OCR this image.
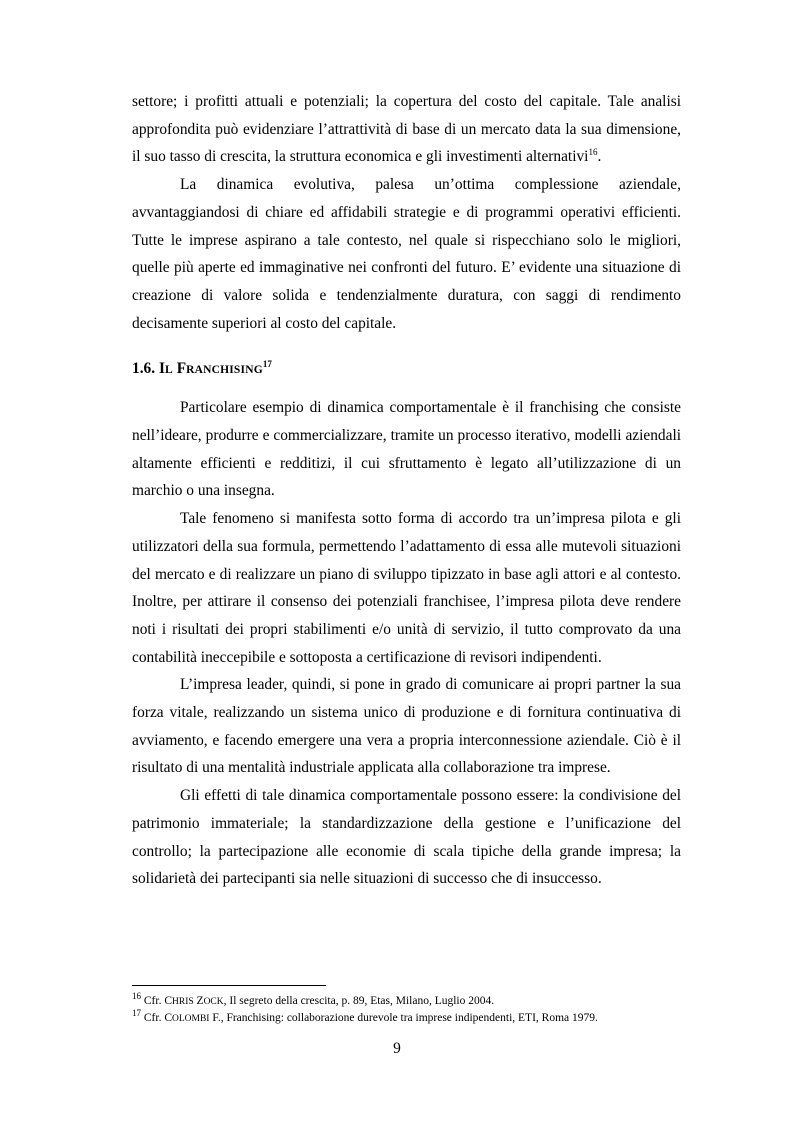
settore; i profitti attuali e potenziali; la copertura del costo del capitale. Tale analisi approfondita può evidenziare l’attrattività di base di un mercato data la sua dimensione, il suo tasso di crescita, la struttura economica e gli investimenti alternativi$^{16}$.

La dinamica evolutiva, palesa un’ottima complessione aziendale, avvantaggiandosi di chiare ed affidabili strategie e di programmi operativi efficienti. Tutte le imprese aspirano a tale contesto, nel quale si rispecchiano solo le migliori, quelle più aperte ed immaginative nei confronti del futuro. E’ evidente una situazione di creazione di valore solida e tendenzialmente duratura, con saggi di rendimento decisamente superiori al costo del capitale.

1.6. IL FRANCHISING$^{17}$

Particolare esempio di dinamica comportamentale è il franchising che consiste nell’ideare, produrre e commercializzare, tramite un processo iterativo, modelli aziendali altamente efficienti e redditizi, il cui sfruttamento è legato all’utilizzazione di un marchio o una insegna.

Tale fenomeno si manifesta sotto forma di accordo tra un’impresa pilota e gli utilizzatori della sua formula, permettendo l’adattamento di essa alle mutevoli situazioni del mercato e di realizzare un piano di sviluppo tipizzato in base agli attori e al contesto. Inoltre, per attirare il consenso dei potenziali franchisee, l’impresa pilota deve rendere noti i risultati dei propri stabilimenti e/o unità di servizio, il tutto comprovato da una contabilità ineccepibile e sottoposta a certificazione di revisori indipendenti.

L’impresa leader, quindi, si pone in grado di comunicare ai propri partner la sua forza vitale, realizzando un sistema unico di produzione e di fornitura continuativa di avviamento, e facendo emergere una vera a propria interconnessione aziendale. Ciò è il risultato di una mentalità industriale applicata alla collaborazione tra imprese.

Gli effetti di tale dinamica comportamentale possono essere: la condivisione del patrimonio immateriale; la standardizzazione della gestione e l’unificazione del controllo; la partecipazione alle economie di scala tipiche della grande impresa; la solidarietà dei partecipanti sia nelle situazioni di successo che di insuccesso.

$^{16}$ Cfr. CHRIS ZOCK, Il segreto della crescita, p. 89, Etas, Milano, Luglio 2004.

$^{17}$ Cfr. COLOMBI F., Franchising: collaborazione durevole tra imprese indipendenti, ETI, Roma 1979.

9
